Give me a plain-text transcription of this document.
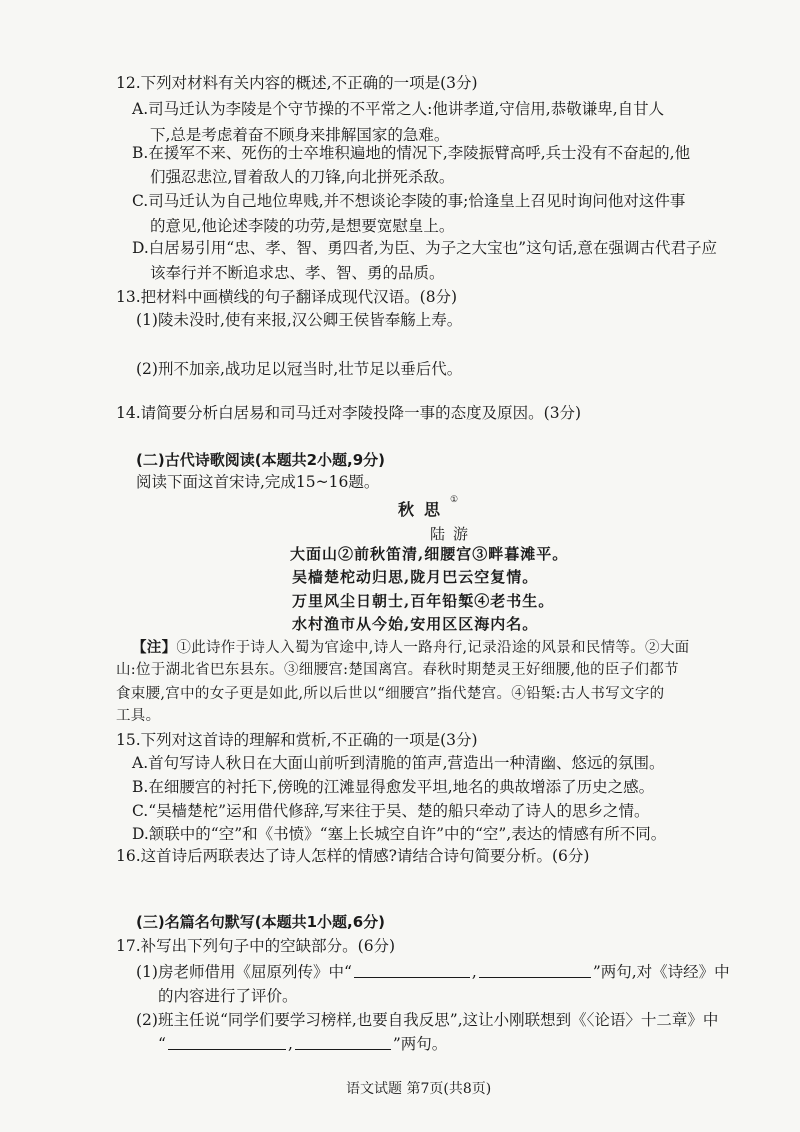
12.下列对材料有关内容的概述,不正确的一项是(3分)
A.司马迁认为李陵是个守节操的不平常之人:他讲孝道,守信用,恭敬谦卑,自甘人
下,总是考虑着奋不顾身来排解国家的急难。
B.在援军不来、死伤的士卒堆积遍地的情况下,李陵振臂高呼,兵士没有不奋起的,他
们强忍悲泣,冒着敌人的刀锋,向北拼死杀敌。
C.司马迁认为自己地位卑贱,并不想谈论李陵的事;恰逢皇上召见时询问他对这件事
的意见,他论述李陵的功劳,是想要宽慰皇上。
D.白居易引用“忠、孝、智、勇四者,为臣、为子之大宝也”这句话,意在强调古代君子应
该奉行并不断追求忠、孝、智、勇的品质。
13.把材料中画横线的句子翻译成现代汉语。(8分)
(1)陵未没时,使有来报,汉公卿王侯皆奉觞上寿。
(2)刑不加亲,战功足以冠当时,壮节足以垂后代。
14.请简要分析白居易和司马迁对李陵投降一事的态度及原因。(3分)
(二)古代诗歌阅读(本题共2小题,9分)
阅读下面这首宋诗,完成15~16题。
秋思①
陆游
大面山②前秋笛清,细腰宫③畔暮滩平。
吴樯楚柁动归思,陇月巴云空复情。
万里风尘日朝士,百年铅椠④老书生。
水村渔市从今始,安用区区海内名。
【注】①此诗作于诗人入蜀为官途中,诗人一路舟行,记录沿途的风景和民情等。②大面
山:位于湖北省巴东县东。③细腰宫:楚国离宫。春秋时期楚灵王好细腰,他的臣子们都节
食束腰,宫中的女子更是如此,所以后世以“细腰宫”指代楚宫。④铅椠:古人书写文字的
工具。
15.下列对这首诗的理解和赏析,不正确的一项是(3分)
A.首句写诗人秋日在大面山前听到清脆的笛声,营造出一种清幽、悠远的氛围。
B.在细腰宫的衬托下,傍晚的江滩显得愈发平坦,地名的典故增添了历史之感。
C.“吴樯楚柁”运用借代修辞,写来往于吴、楚的船只牵动了诗人的思乡之情。
D.颔联中的“空”和《书愤》“塞上长城空自许”中的“空”,表达的情感有所不同。
16.这首诗后两联表达了诗人怎样的情感?请结合诗句简要分析。(6分)
(三)名篇名句默写(本题共1小题,6分)
17.补写出下列句子中的空缺部分。(6分)
(1)房老师借用《屈原列传》中“	,	”两句,对《诗经》中
的内容进行了评价。
(2)班主任说“同学们要学习榜样,也要自我反思”,这让小刚联想到《〈论语〉十二章》中
“	,	”两句。
语文试题 第7页(共8页)
